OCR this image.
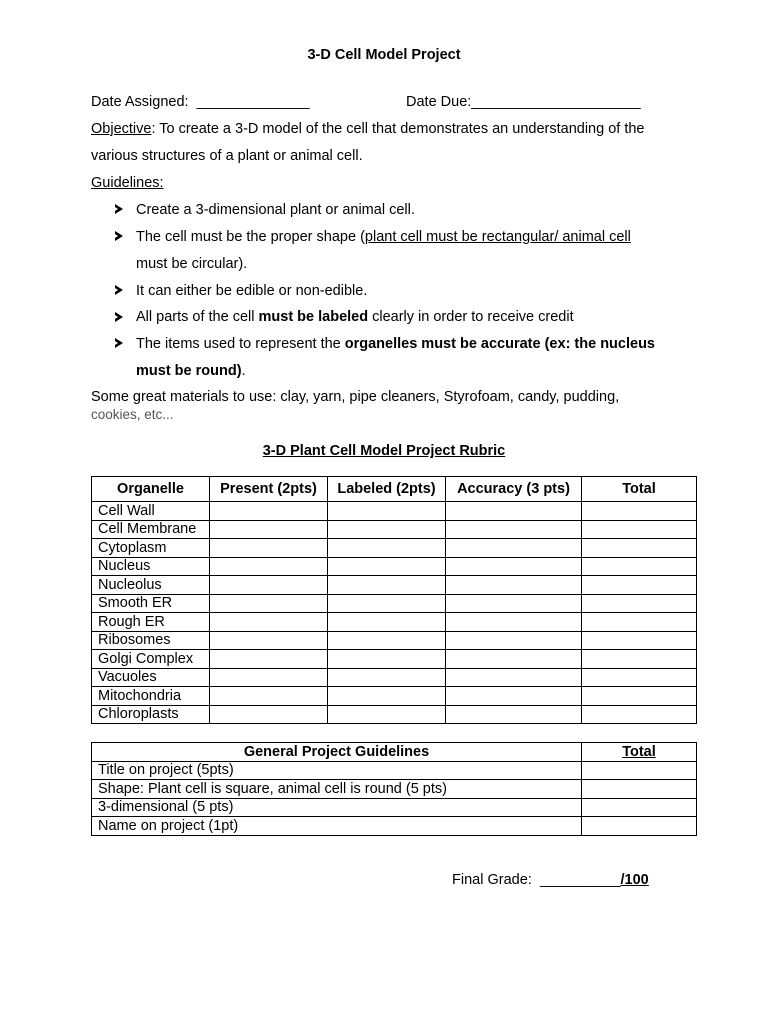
3-D Cell Model Project
Date Assigned: ______________	Date Due:_____________________
Objective: To create a 3-D model of the cell that demonstrates an understanding of the
various structures of a plant or animal cell.
Guidelines:
Create a 3-dimensional plant or animal cell.
The cell must be the proper shape (plant cell must be rectangular/ animal cell
must be circular).
It can either be edible or non-edible.
All parts of the cell must be labeled clearly in order to receive credit
The items used to represent the organelles must be accurate (ex: the nucleus
must be round).
Some great materials to use: clay, yarn, pipe cleaners, Styrofoam, candy, pudding,
cookies, etc...
3-D Plant Cell Model Project Rubric
Organelle	Present (2pts)	Labeled (2pts)	Accuracy (3 pts)	Total
Cell Wall				
Cell Membrane				
Cytoplasm				
Nucleus				
Nucleolus				
Smooth ER				
Rough ER				
Ribosomes				
Golgi Complex				
Vacuoles				
Mitochondria				
Chloroplasts				
General Project Guidelines	Total
Title on project (5pts)	
Shape: Plant cell is square, animal cell is round (5 pts)	
3-dimensional (5 pts)	
Name on project (1pt)	
Final Grade: __________/100
